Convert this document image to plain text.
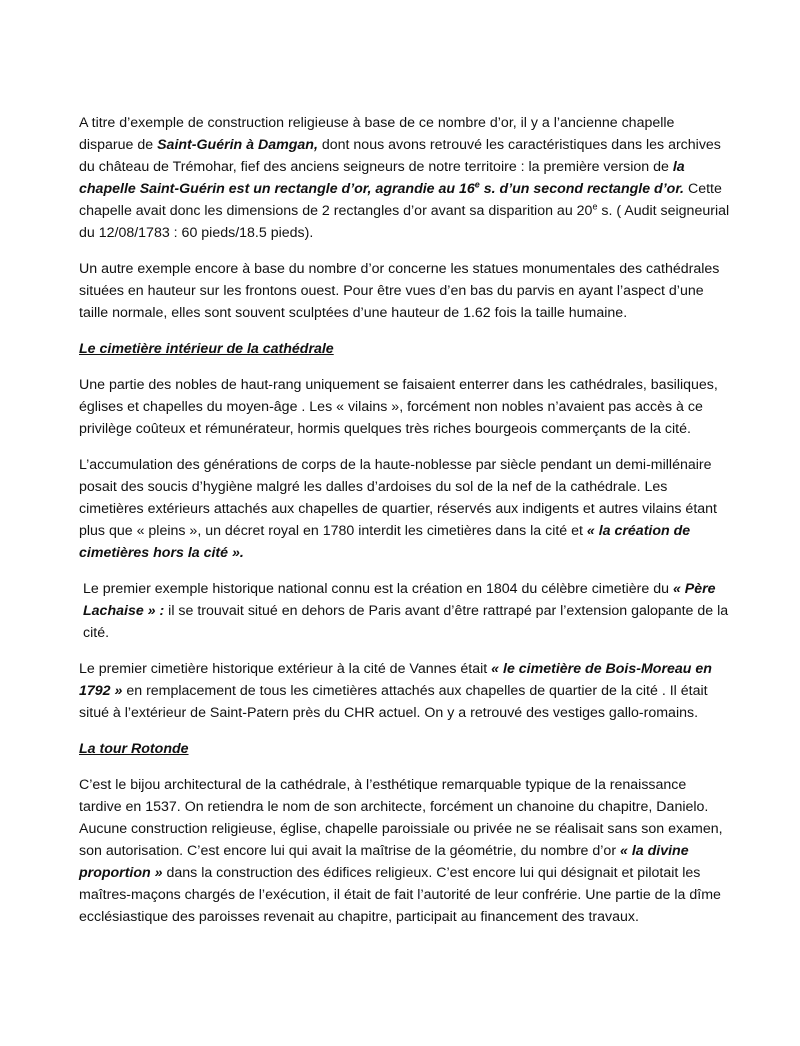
A titre d’exemple de construction religieuse à base de ce nombre d’or, il y a l’ancienne chapelle disparue de Saint-Guérin à Damgan, dont nous avons retrouvé les caractéristiques dans les archives du château de Trémohar, fief des anciens seigneurs de notre territoire : la première version de la chapelle Saint-Guérin est un rectangle d’or, agrandie au 16e s. d’un second rectangle d’or. Cette chapelle avait donc les dimensions de 2 rectangles d’or avant sa disparition au 20e s. ( Audit seigneurial du 12/08/1783 : 60 pieds/18.5 pieds).

Un autre exemple encore à base du nombre d’or concerne les statues monumentales des cathédrales situées en hauteur sur les frontons ouest. Pour être vues d’en bas du parvis en ayant l’aspect d’une taille normale, elles sont souvent sculptées d’une hauteur de 1.62 fois la taille humaine.

Le cimetière intérieur de la cathédrale

Une partie des nobles de haut-rang uniquement se faisaient enterrer dans les cathédrales, basiliques, églises et chapelles du moyen-âge . Les « vilains », forcément non nobles n’avaient pas accès à ce privilège coûteux et rémunérateur, hormis quelques très riches bourgeois commerçants de la cité.

L’accumulation des générations de corps de la haute-noblesse par siècle pendant un demi-millénaire posait des soucis d’hygiène malgré les dalles d’ardoises du sol de la nef de la cathédrale. Les cimetières extérieurs attachés aux chapelles de quartier, réservés aux indigents et autres vilains étant plus que « pleins », un décret royal en 1780 interdit les cimetières dans la cité et « la création de cimetières hors la cité ».

Le premier exemple historique national connu est la création en 1804 du célèbre cimetière du « Père Lachaise » : il se trouvait situé en dehors de Paris avant d’être rattrapé par l’extension galopante de la cité.

Le premier cimetière historique extérieur à la cité de Vannes était « le cimetière de Bois-Moreau en 1792 » en remplacement de tous les cimetières attachés aux chapelles de quartier de la cité . Il était situé à l’extérieur de Saint-Patern près du CHR actuel. On y a retrouvé des vestiges gallo-romains.

La tour Rotonde

C’est le bijou architectural de la cathédrale, à l’esthétique remarquable typique de la renaissance tardive en 1537. On retiendra le nom de son architecte, forcément un chanoine du chapitre, Danielo. Aucune construction religieuse, église, chapelle paroissiale ou privée ne se réalisait sans son examen, son autorisation. C’est encore lui qui avait la maîtrise de la géométrie, du nombre d’or « la divine proportion » dans la construction des édifices religieux. C’est encore lui qui désignait et pilotait les maîtres-maçons chargés de l’exécution, il était de fait l’autorité de leur confrérie. Une partie de la dîme ecclésiastique des paroisses revenait au chapitre, participait au financement des travaux.
